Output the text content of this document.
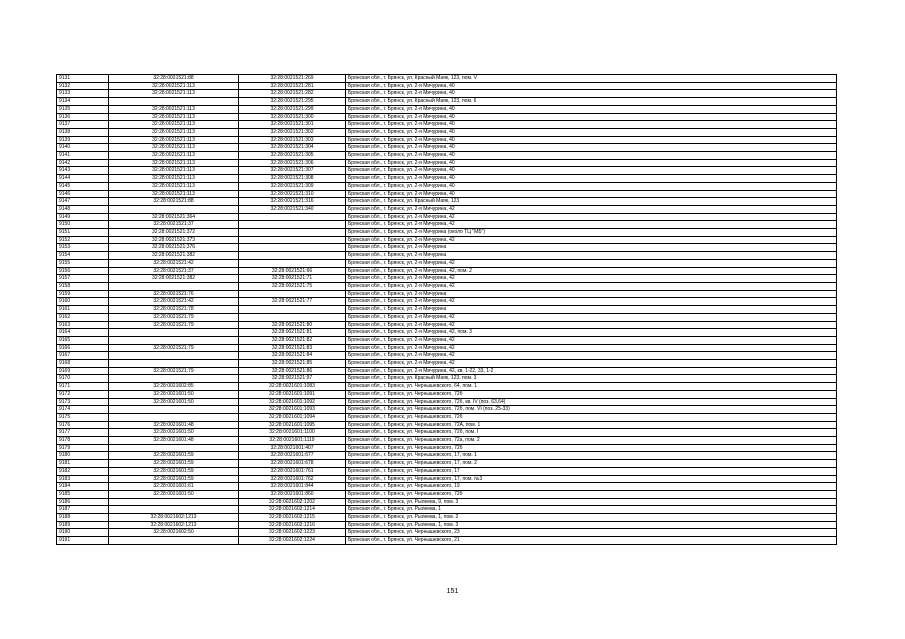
9131	32:28:0021521:88	32:28:0021521:269	Брянская обл., г. Брянск, ул. Красный Маяк, 123, пом. V
9132	32:28:0021521:113	32:28:0021521:281	Брянская обл., г. Брянск, ул. 2-я Мичурина, 40
9133	32:28:0021521:113	32:28:0021521:282	Брянская обл., г. Брянск, ул. 2-я Мичурина, 40
9134		32:28:0021521:295	Брянская обл., г. Брянск, ул. Красный Маяк, 123, пом. 6
9135	32:28:0021521:113	32:28:0021521:299	Брянская обл., г. Брянск, ул. 2-я Мичурина, 40
9136	32:28:0021521:113	32:28:0021521:300	Брянская обл., г. Брянск, ул. 2-я Мичурина, 40
9137	32:28:0021521:113	32:28:0021521:301	Брянская обл., г. Брянск, ул. 2-я Мичурина, 40
9138	32:28:0021521:113	32:28:0021521:302	Брянская обл., г. Брянск, ул. 2-я Мичурина, 40
9139	32:28:0021521:113	32:28:0021521:303	Брянская обл., г. Брянск, ул. 2-я Мичурина, 40
9140	32:28:0021521:113	32:28:0021521:304	Брянская обл., г. Брянск, ул. 2-я Мичурина, 40
9141	32:28:0021521:113	32:28:0021521:305	Брянская обл., г. Брянск, ул. 2-я Мичурина, 40
9142	32:28:0021521:113	32:28:0021521:306	Брянская обл., г. Брянск, ул. 2-я Мичурина, 40
9143	32:28:0021521:113	32:28:0021521:307	Брянская обл., г. Брянск, ул. 2-я Мичурина, 40
9144	32:28:0021521:113	32:28:0021521:308	Брянская обл., г. Брянск, ул. 2-я Мичурина, 40
9145	32:28:0021521:113	32:28:0021521:309	Брянская обл., г. Брянск, ул. 2-я Мичурина, 40
9146	32:28:0021521:113	32:28:0021521:310	Брянская обл., г. Брянск, ул. 2-я Мичурина, 40
9147	32:28:0021521:88	32:28:0021521:316	Брянская обл., г. Брянск, ул. Красный Маяк, 123
9148		32:28:0021521:340	Брянская обл., г. Брянск, ул. 2-я Мичурина, 42
9149	32:28:0021521:364		Брянская обл., г. Брянск, ул. 2-я Мичурина, 42
9150	32:28:0021521:37		Брянская обл., г. Брянск, ул. 2-я Мичурина, 42
9151	32:28:0021521:372		Брянская обл., г. Брянск, ул. 2-я Мичурина (около ТЦ "МБ")
9152	32:28:0021521:373		Брянская обл., г. Брянск, ул. 2-я Мичурина, 42
9153	32:28:0021521:376		Брянская обл., г. Брянск, ул. 2-я Мичурина
9154	32:28:0021521:382		Брянская обл., г. Брянск, ул. 2-я Мичурина
9155	32:28:0021521:42		Брянская обл., г. Брянск, ул. 2-я Мичурина, 42
9156	32:28:0021521:37	32:28:0021521:66	Брянская обл., г. Брянск, ул. 2-я Мичурина, 42, пом. 2
9157	32:28:0021521:382	32:28:0021521:71	Брянская обл., г. Брянск, ул. 2-я Мичурина, 42
9158		32:28:0021521:75	Брянская обл., г. Брянск, ул. 2-я Мичурина, 42
9159	32:28:0021521:76		Брянская обл., г. Брянск, ул. 2-я Мичурина
9160	32:28:0021521:42	32:28:0021521:77	Брянская обл., г. Брянск, ул. 2-я Мичурина, 42
9161	32:28:0021521:78		Брянская обл., г. Брянск, ул. 2-я Мичурина
9162	32:28:0021521:79		Брянская обл., г. Брянск, ул. 2-я Мичурина, 42
9163	32:28:0021521:79	32:28:0021521:80	Брянская обл., г. Брянск, ул. 2-я Мичурина, 42
9164		32:28:0021521:81	Брянская обл., г. Брянск, ул. 2-я Мичурина, 42, пом. 3
9165		32:28:0021521:82	Брянская обл., г. Брянск, ул. 2-я Мичурина, 42
9166	32:28:0021521:79	32:28:0021521:83	Брянская обл., г. Брянск, ул. 2-я Мичурина, 42
9167		32:28:0021521:84	Брянская обл., г. Брянск, ул. 2-я Мичурина, 42
9168		32:28:0021521:85	Брянская обл., г. Брянск, ул. 2-я Мичурина, 42
9169	32:28:0021521:79	32:28:0021521:86	Брянская обл., г. Брянск, ул. 2-я Мичурина, 42, кв. 1-22, 33, 1-2
9170		32:28:0021521:97	Брянская обл., г. Брянск, ул. Красный Маяк, 123, пом. 3
9171	32:28:0021602:85	32:28:0021601:1083	Брянская обл., г. Брянск, ул. Чернышевского, 64, пом. 1
9172	32:28:0021601:50	32:28:0021601:1091	Брянская обл., г. Брянск, ул. Чернышевского, 72б
9173	32:28:0021601:50	32:28:0021601:1092	Брянская обл., г. Брянск, ул. Чернышевского, 72б, кв. IV (поз. 63,64)
9174		32:28:0021601:1093	Брянская обл., г. Брянск, ул. Чернышевского, 72б, пом. VI (поз. 25-33)
9175		32:28:0021601:1094	Брянская обл., г. Брянск, ул. Чернышевского, 72б
9176	32:28:0021601:48	32:28:0021601:1095	Брянская обл., г. Брянск, ул. Чернышевского, 72А, пом. 1
9177	32:28:0021601:50	32:28:0021601:1100	Брянская обл., г. Брянск, ул. Чернышевского, 72б, пом. I
9178	32:28:0021601:48	32:28:0021601:1119	Брянская обл., г. Брянск, ул. Чернышевского, 72а, пом. 2
9179		32:28:0021601:407	Брянская обл., г. Брянск, ул. Чернышевского, 72б
9180	32:28:0021601:59	32:28:0021601:677	Брянская обл., г. Брянск, ул. Чернышевского, 17, пом. 1
9181	32:28:0021601:59	32:28:0021601:678	Брянская обл., г. Брянск, ул. Чернышевского, 17, пом. 2
9182	32:28:0021601:59	32:28:0021601:761	Брянская обл., г. Брянск, ул. Чернышевского, 17
9183	32:28:0021601:59	32:28:0021601:762	Брянская обл., г. Брянск, ул. Чернышевского, 17, пом. №3
9184	32:28:0021601:61	32:28:0021601:844	Брянская обл., г. Брянск, ул. Чернышевского, 19
9185	32:28:0021601:50	32:28:0021601:860	Брянская обл., г. Брянск, ул. Чернышевского, 72б
9186		32:28:0021602:1202	Брянская обл., г. Брянск, ул. Рылеева, 9, пом. 3
9187		32:28:0021602:1214	Брянская обл., г. Брянск, ул. Рылеева, 1
9188	32:28:0021602:1213	32:28:0021602:1215	Брянская обл., г. Брянск, ул. Рылеева, 1, пом. 2
9189	32:28:0021602:1213	32:28:0021602:1216	Брянская обл., г. Брянск, ул. Рылеева, 1, пом. 3
9190	32:28:0021602:50	32:28:0021602:1223	Брянская обл., г. Брянск, ул. Чернышевского, 23
9191		32:28:0021602:1224	Брянская обл., г. Брянск, ул. Чернышевского, 21
151
